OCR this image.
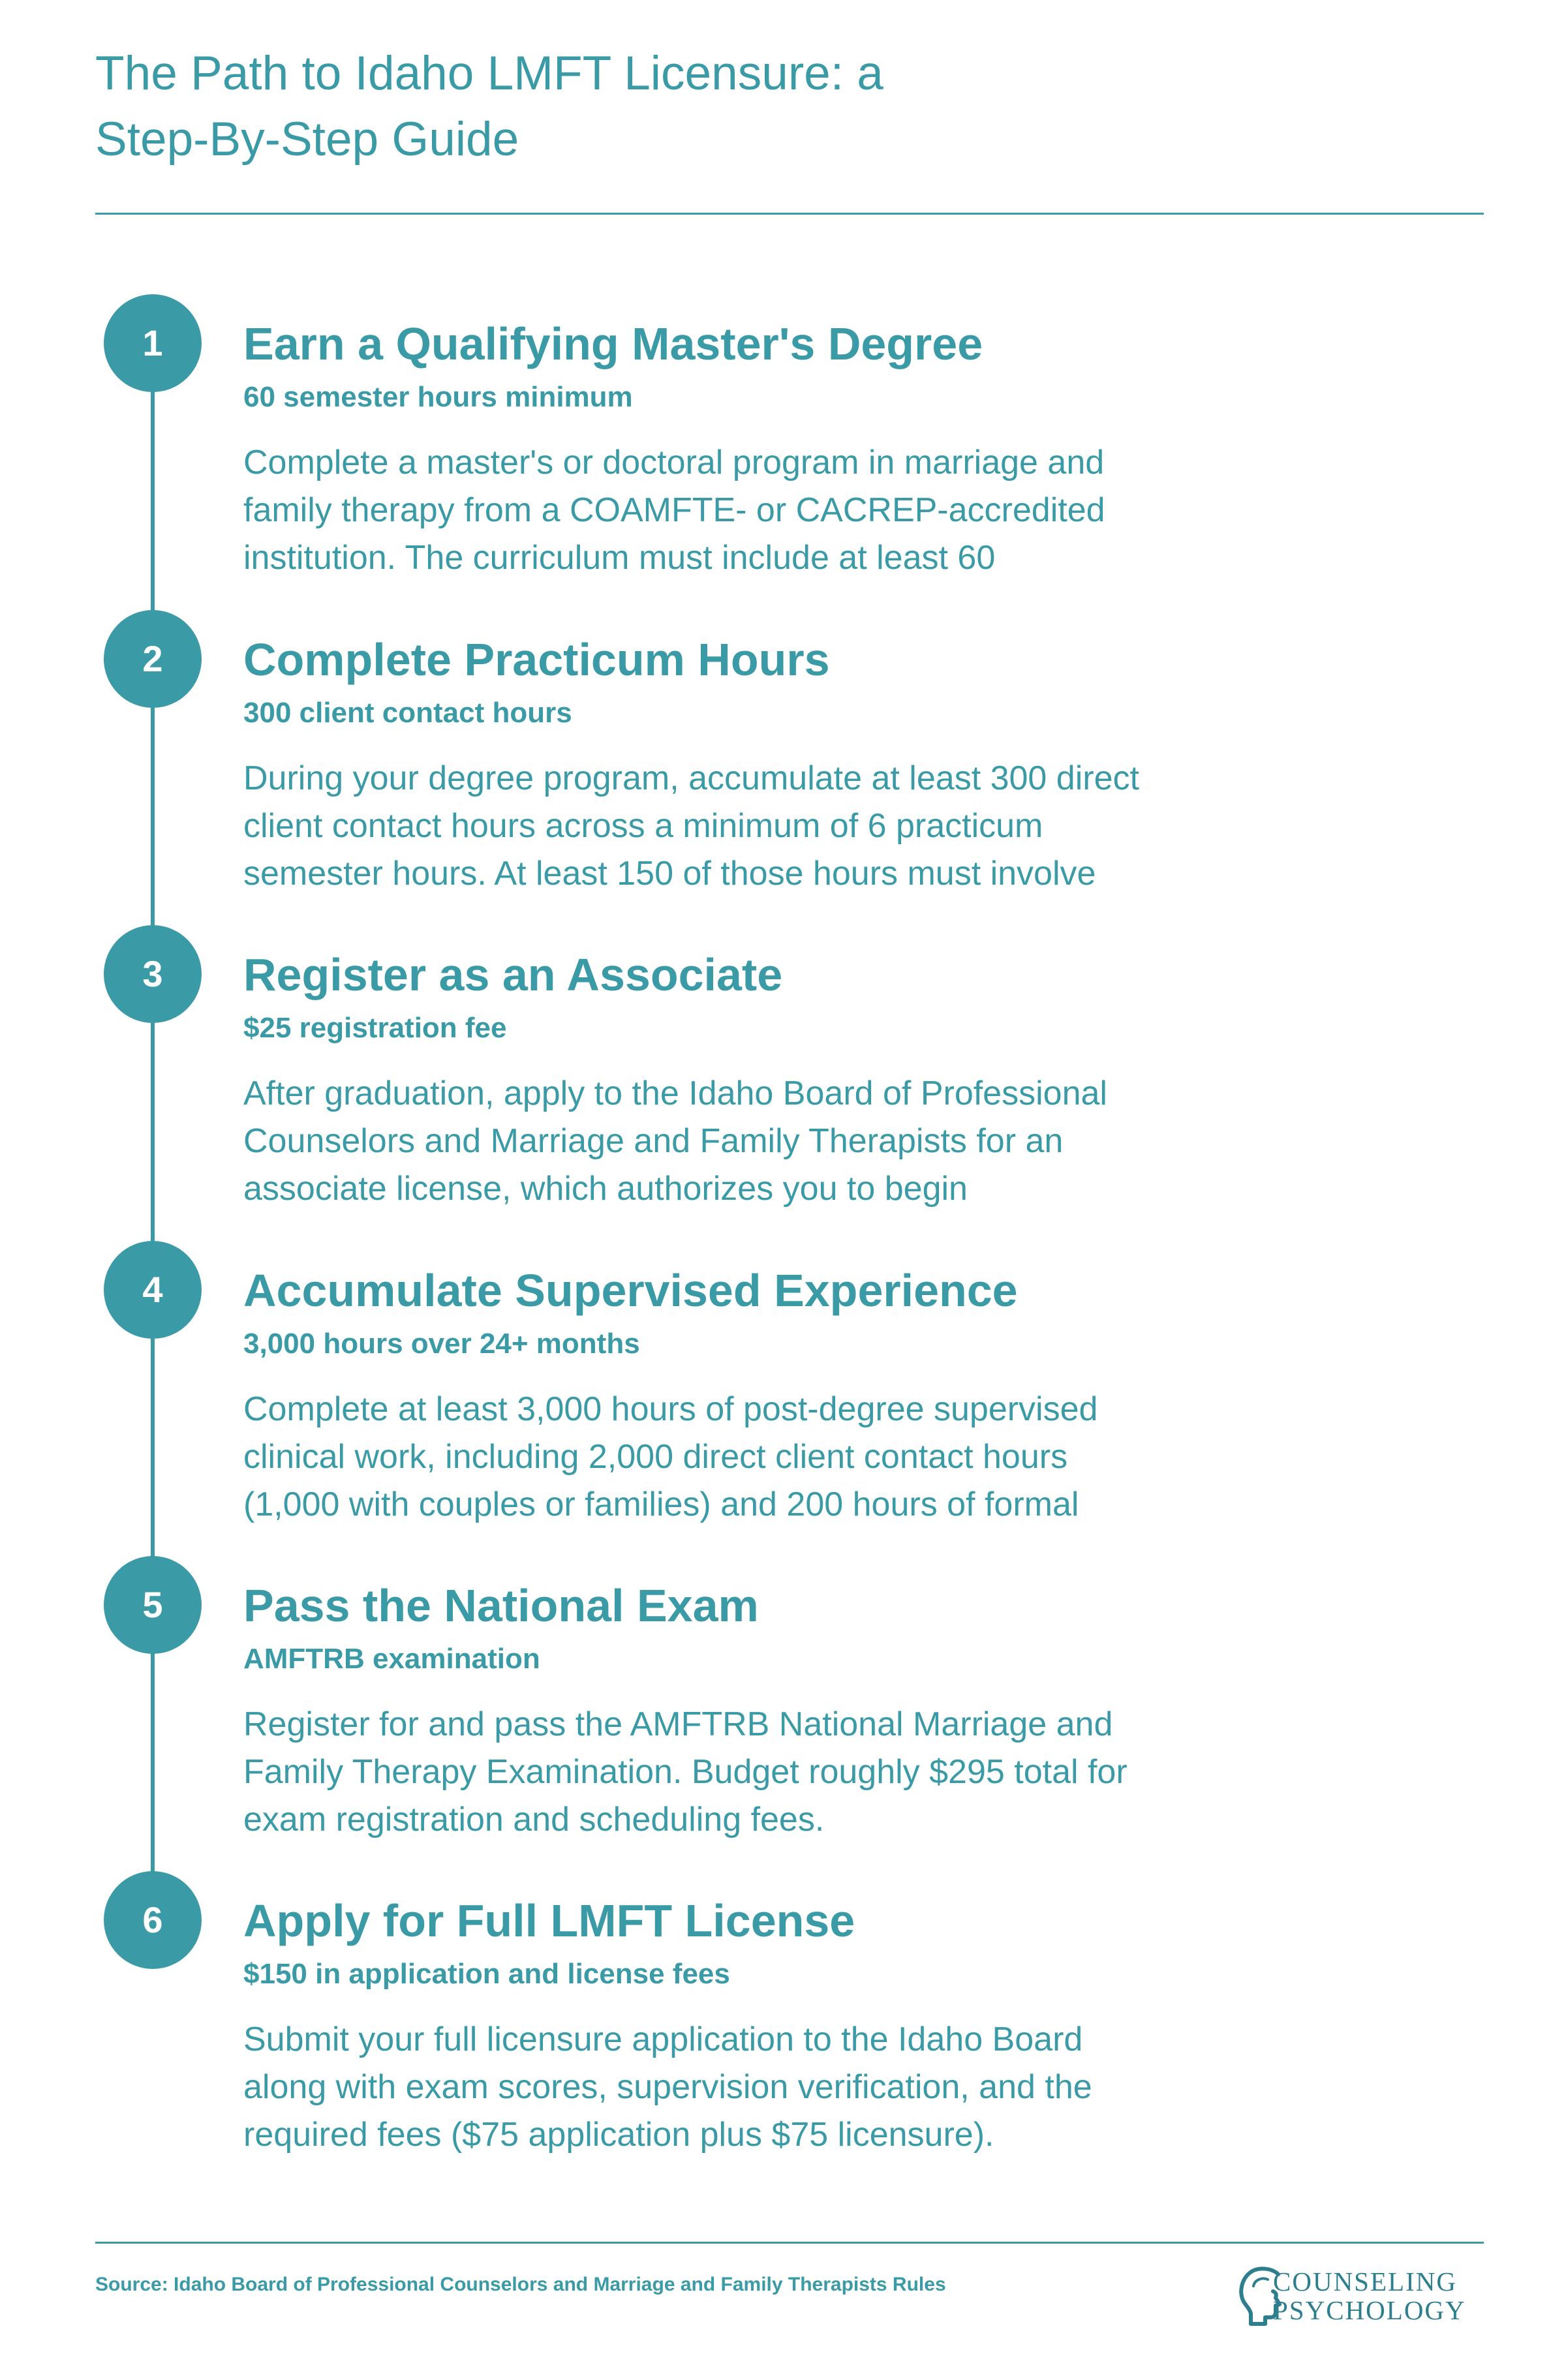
The Path to Idaho LMFT Licensure: a
Step-By-Step Guide
1	Earn a Qualifying Master's Degree
60 semester hours minimum
Complete a master's or doctoral program in marriage and
family therapy from a COAMFTE- or CACREP-accredited
institution. The curriculum must include at least 60
2	Complete Practicum Hours
300 client contact hours
During your degree program, accumulate at least 300 direct
client contact hours across a minimum of 6 practicum
semester hours. At least 150 of those hours must involve
3	Register as an Associate
$25 registration fee
After graduation, apply to the Idaho Board of Professional
Counselors and Marriage and Family Therapists for an
associate license, which authorizes you to begin
4	Accumulate Supervised Experience
3,000 hours over 24+ months
Complete at least 3,000 hours of post-degree supervised
clinical work, including 2,000 direct client contact hours
(1,000 with couples or families) and 200 hours of formal
5	Pass the National Exam
AMFTRB examination
Register for and pass the AMFTRB National Marriage and
Family Therapy Examination. Budget roughly $295 total for
exam registration and scheduling fees.
6	Apply for Full LMFT License
$150 in application and license fees
Submit your full licensure application to the Idaho Board
along with exam scores, supervision verification, and the
required fees ($75 application plus $75 licensure).
Source: Idaho Board of Professional Counselors and Marriage and Family Therapists Rules	COUNSELING
PSYCHOLOGY
